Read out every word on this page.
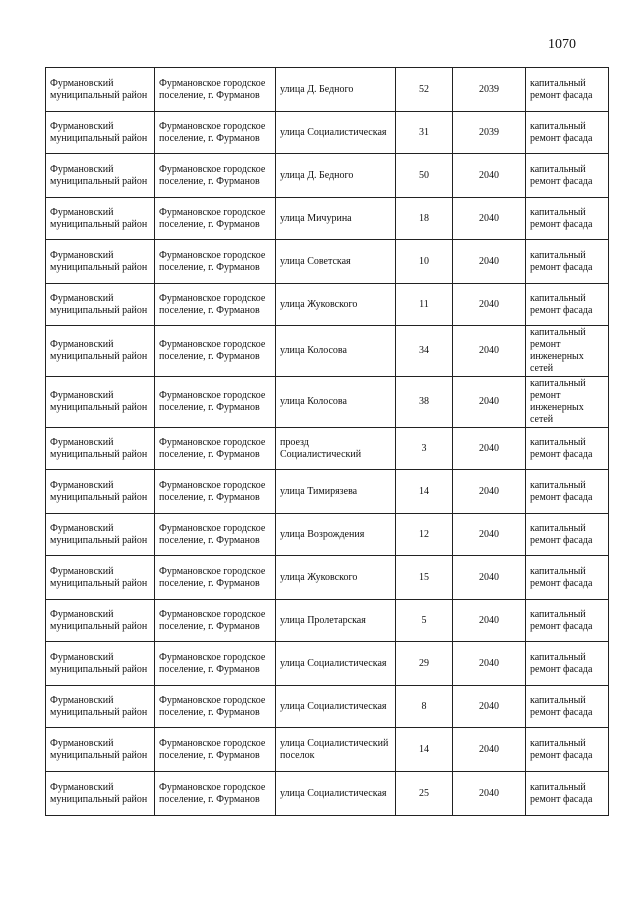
1070
Фурмановский муниципальный район	Фурмановское городское поселение, г. Фурманов	улица Д. Бедного	52	2039	капитальный ремонт фасада
Фурмановский муниципальный район	Фурмановское городское поселение, г. Фурманов	улица Социалистическая	31	2039	капитальный ремонт фасада
Фурмановский муниципальный район	Фурмановское городское поселение, г. Фурманов	улица Д. Бедного	50	2040	капитальный ремонт фасада
Фурмановский муниципальный район	Фурмановское городское поселение, г. Фурманов	улица Мичурина	18	2040	капитальный ремонт фасада
Фурмановский муниципальный район	Фурмановское городское поселение, г. Фурманов	улица Советская	10	2040	капитальный ремонт фасада
Фурмановский муниципальный район	Фурмановское городское поселение, г. Фурманов	улица Жуковского	11	2040	капитальный ремонт фасада
Фурмановский муниципальный район	Фурмановское городское поселение, г. Фурманов	улица Колосова	34	2040	капитальный ремонт инженерных сетей
Фурмановский муниципальный район	Фурмановское городское поселение, г. Фурманов	улица Колосова	38	2040	капитальный ремонт инженерных сетей
Фурмановский муниципальный район	Фурмановское городское поселение, г. Фурманов	проезд Социалистический	3	2040	капитальный ремонт фасада
Фурмановский муниципальный район	Фурмановское городское поселение, г. Фурманов	улица Тимирязева	14	2040	капитальный ремонт фасада
Фурмановский муниципальный район	Фурмановское городское поселение, г. Фурманов	улица Возрождения	12	2040	капитальный ремонт фасада
Фурмановский муниципальный район	Фурмановское городское поселение, г. Фурманов	улица Жуковского	15	2040	капитальный ремонт фасада
Фурмановский муниципальный район	Фурмановское городское поселение, г. Фурманов	улица Пролетарская	5	2040	капитальный ремонт фасада
Фурмановский муниципальный район	Фурмановское городское поселение, г. Фурманов	улица Социалистическая	29	2040	капитальный ремонт фасада
Фурмановский муниципальный район	Фурмановское городское поселение, г. Фурманов	улица Социалистическая	8	2040	капитальный ремонт фасада
Фурмановский муниципальный район	Фурмановское городское поселение, г. Фурманов	улица Социалистический поселок	14	2040	капитальный ремонт фасада
Фурмановский муниципальный район	Фурмановское городское поселение, г. Фурманов	улица Социалистическая	25	2040	капитальный ремонт фасада
